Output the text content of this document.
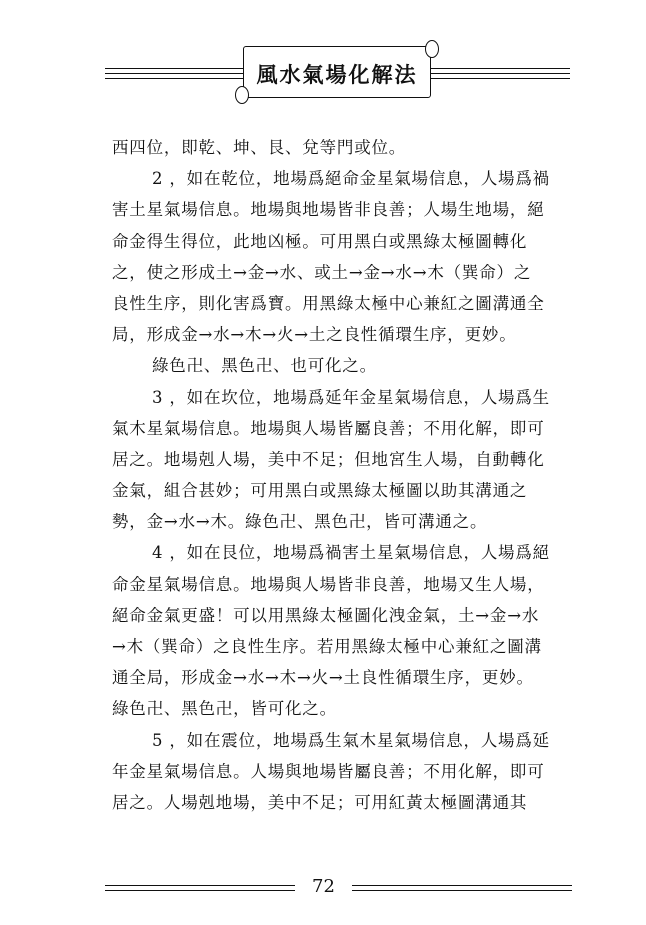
風水氣場化解法
西四位，即乾、坤、艮、兌等門或位。
2 ，如在乾位，地場爲絕命金星氣場信息，人場爲禍
害土星氣場信息。地場與地場皆非良善；人場生地場，絕
命金得生得位，此地凶極。可用黑白或黑綠太極圖轉化
之，使之形成土→金→水、或土→金→水→木（巽命）之
良性生序，則化害爲寶。用黑綠太極中心兼紅之圖溝通全
局，形成金→水→木→火→土之良性循環生序，更妙。
綠色卍、黑色卍、也可化之。
3 ，如在坎位，地場爲延年金星氣場信息，人場爲生
氣木星氣場信息。地場與人場皆屬良善；不用化解，即可
居之。地場剋人場，美中不足；但地宮生人場，自動轉化
金氣，組合甚妙；可用黑白或黑綠太極圖以助其溝通之
勢，金→水→木。綠色卍、黑色卍，皆可溝通之。
4 ，如在艮位，地場爲禍害土星氣場信息，人場爲絕
命金星氣場信息。地場與人場皆非良善，地場又生人場，
絕命金氣更盛！可以用黑綠太極圖化洩金氣，土→金→水
→木（巽命）之良性生序。若用黑綠太極中心兼紅之圖溝
通全局，形成金→水→木→火→土良性循環生序，更妙。
綠色卍、黑色卍，皆可化之。
5 ，如在震位，地場爲生氣木星氣場信息，人場爲延
年金星氣場信息。人場與地場皆屬良善；不用化解，即可
居之。人場剋地場，美中不足；可用紅黃太極圖溝通其
72
